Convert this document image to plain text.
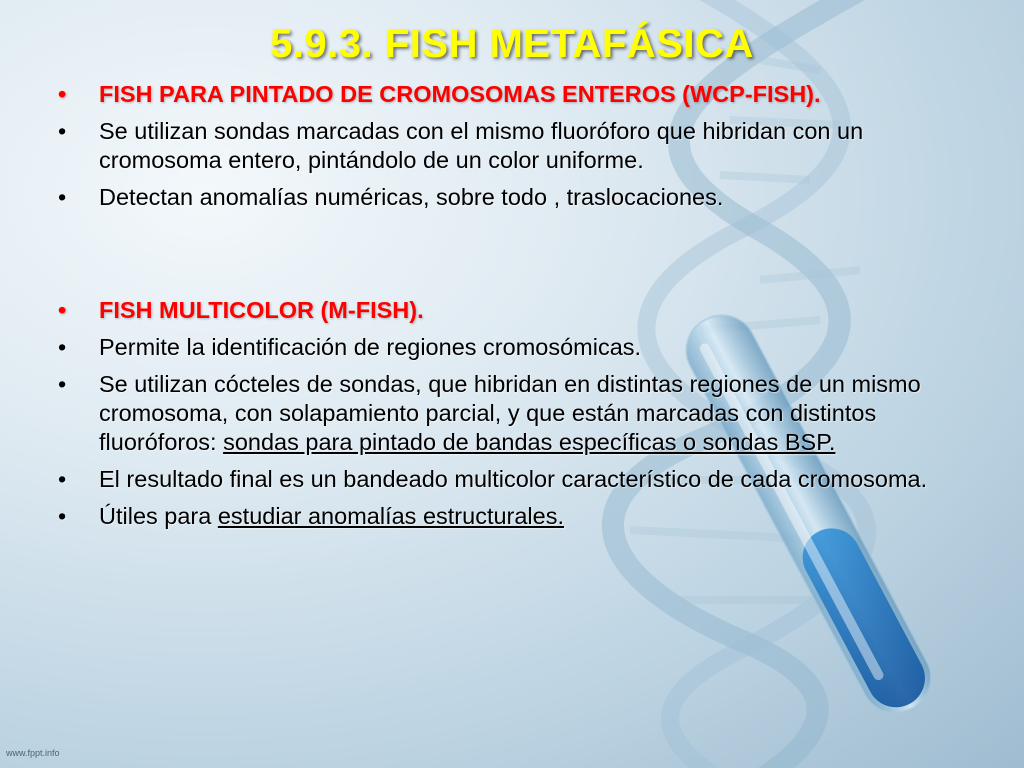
5.9.3. FISH METAFÁSICA
• FISH PARA PINTADO DE CROMOSOMAS ENTEROS (WCP-FISH).
• Se utilizan sondas marcadas con el mismo fluoróforo que hibridan con un cromosoma entero, pintándolo de un color uniforme.
• Detectan anomalías numéricas, sobre todo , traslocaciones.
• FISH MULTICOLOR (M-FISH).
• Permite la identificación de regiones cromosómicas.
• Se utilizan cócteles de sondas, que hibridan en distintas regiones de un mismo cromosoma, con solapamiento parcial, y que están marcadas con distintos fluoróforos: sondas para pintado de bandas específicas o sondas BSP.
• El resultado final es un bandeado multicolor característico de cada cromosoma.
• Útiles para estudiar anomalías estructurales.
www.fppt.info
